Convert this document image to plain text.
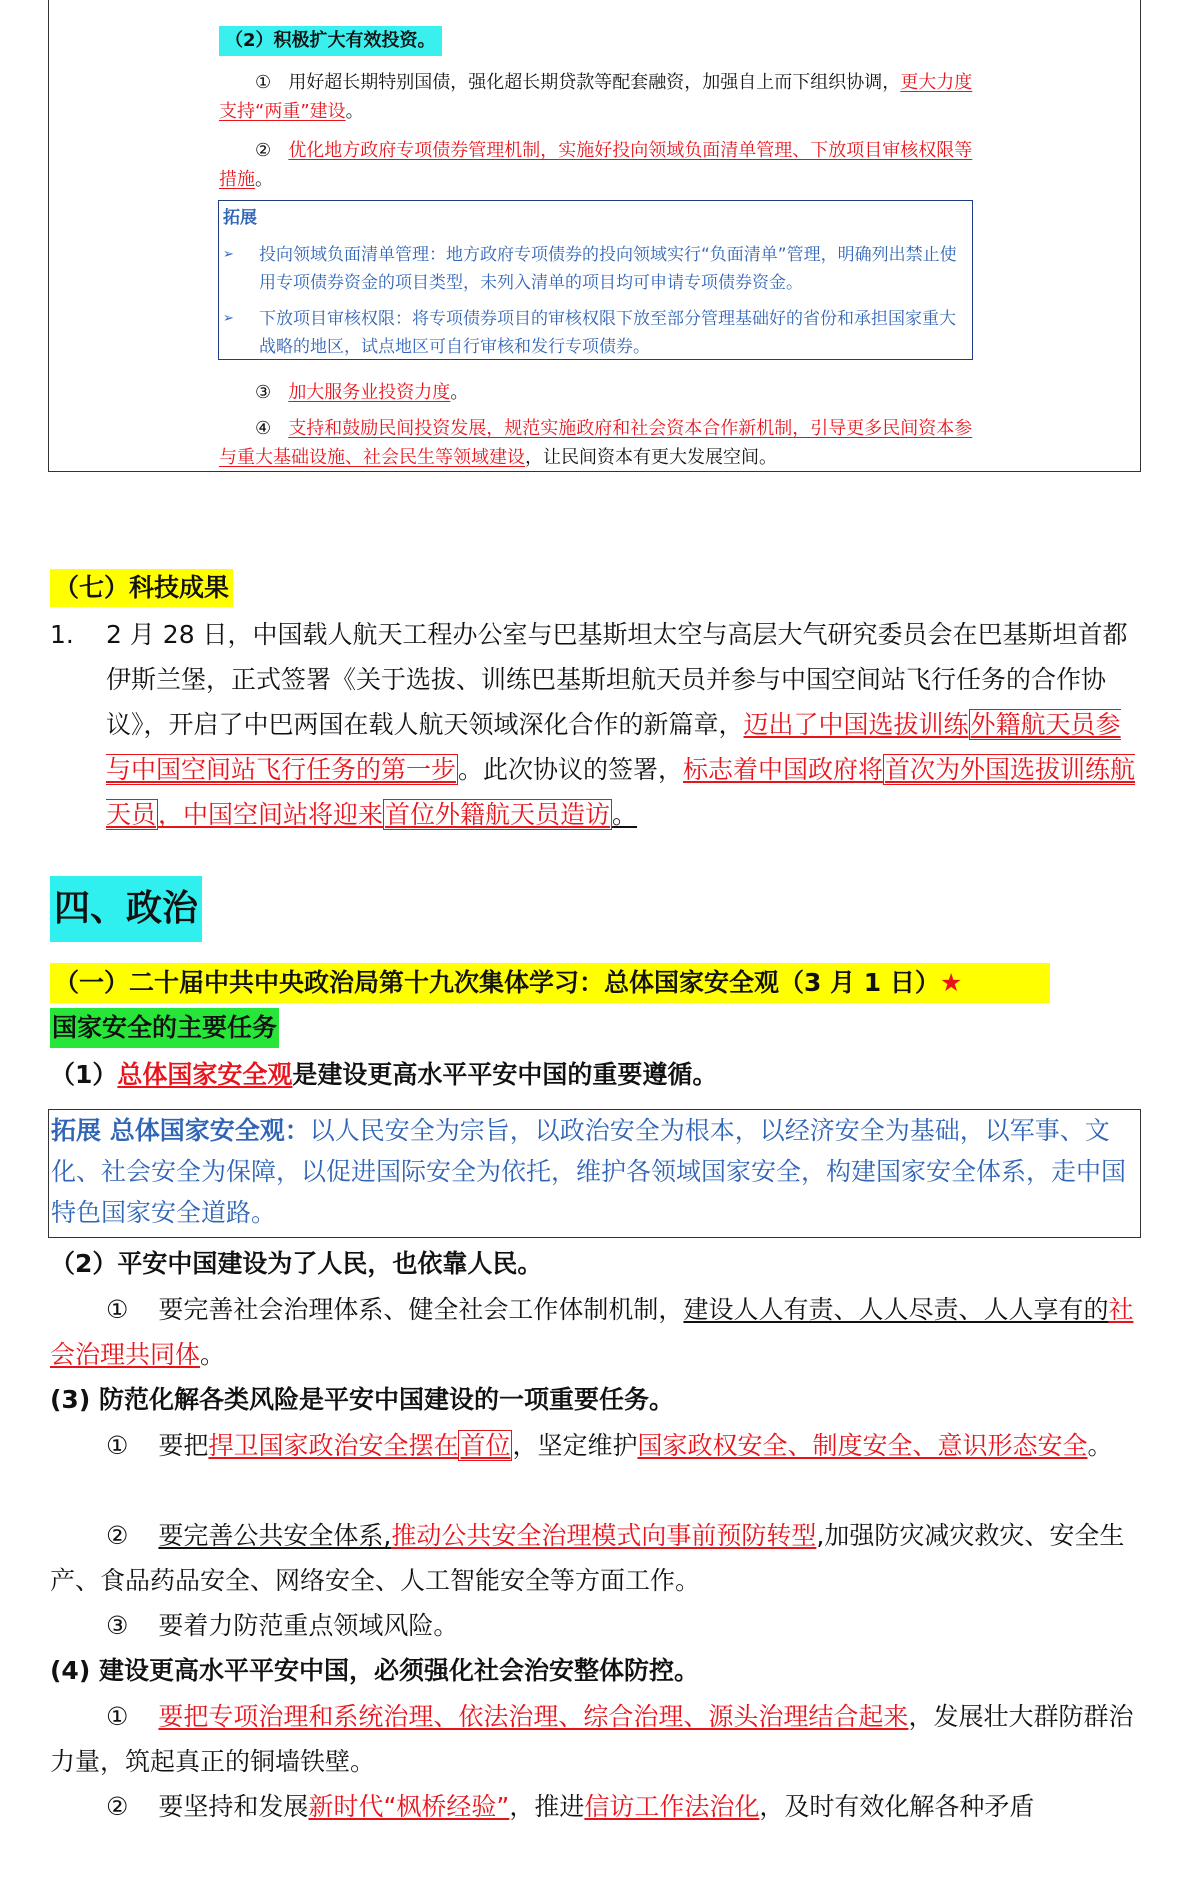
（2）积极扩大有效投资。

① 用好超长期特别国债，强化超长期贷款等配套融资，加强自上而下组织协调，更大力度支持“两重”建设。

② 优化地方政府专项债券管理机制，实施好投向领域负面清单管理、下放项目审核权限等措施。

拓展
➢ 投向领域负面清单管理：地方政府专项债券的投向领域实行“负面清单”管理，明确列出禁止使用专项债券资金的项目类型，未列入清单的项目均可申请专项债券资金。
➢ 下放项目审核权限：将专项债券项目的审核权限下放至部分管理基础好的省份和承担国家重大战略的地区，试点地区可自行审核和发行专项债券。

③ 加大服务业投资力度。

④ 支持和鼓励民间投资发展，规范实施政府和社会资本合作新机制，引导更多民间资本参与重大基础设施、社会民生等领域建设，让民间资本有更大发展空间。

（七）科技成果
1. 2 月 28 日，中国载人航天工程办公室与巴基斯坦太空与高层大气研究委员会在巴基斯坦首都伊斯兰堡，正式签署《关于选拔、训练巴基斯坦航天员并参与中国空间站飞行任务的合作协议》，开启了中巴两国在载人航天领域深化合作的新篇章，迈出了中国选拔训练外籍航天员参与中国空间站飞行任务的第一步。此次协议的签署，标志着中国政府将首次为外国选拔训练航天员，中国空间站将迎来首位外籍航天员造访。
四、政治
（一）二十届中共中央政治局第十九次集体学习：总体国家安全观（3 月 1 日）★
国家安全的主要任务

（1）总体国家安全观是建设更高水平平安中国的重要遵循。

拓展 总体国家安全观：以人民安全为宗旨，以政治安全为根本，以经济安全为基础，以军事、文化、社会安全为保障，以促进国际安全为依托，维护各领域国家安全，构建国家安全体系，走中国特色国家安全道路。

（2）平安中国建设为了人民，也依靠人民。

① 要完善社会治理体系、健全社会工作体制机制，建设人人有责、人人尽责、人人享有的社会治理共同体。

(3) 防范化解各类风险是平安中国建设的一项重要任务。

① 要把捍卫国家政治安全摆在首位，坚定维护国家政权安全、制度安全、意识形态安全。

② 要完善公共安全体系,推动公共安全治理模式向事前预防转型,加强防灾减灾救灾、安全生产、食品药品安全、网络安全、人工智能安全等方面工作。

③ 要着力防范重点领域风险。

(4) 建设更高水平平安中国，必须强化社会治安整体防控。

① 要把专项治理和系统治理、依法治理、综合治理、源头治理结合起来，发展壮大群防群治力量，筑起真正的铜墙铁壁。

② 要坚持和发展新时代“枫桥经验”，推进信访工作法治化，及时有效化解各种矛盾
